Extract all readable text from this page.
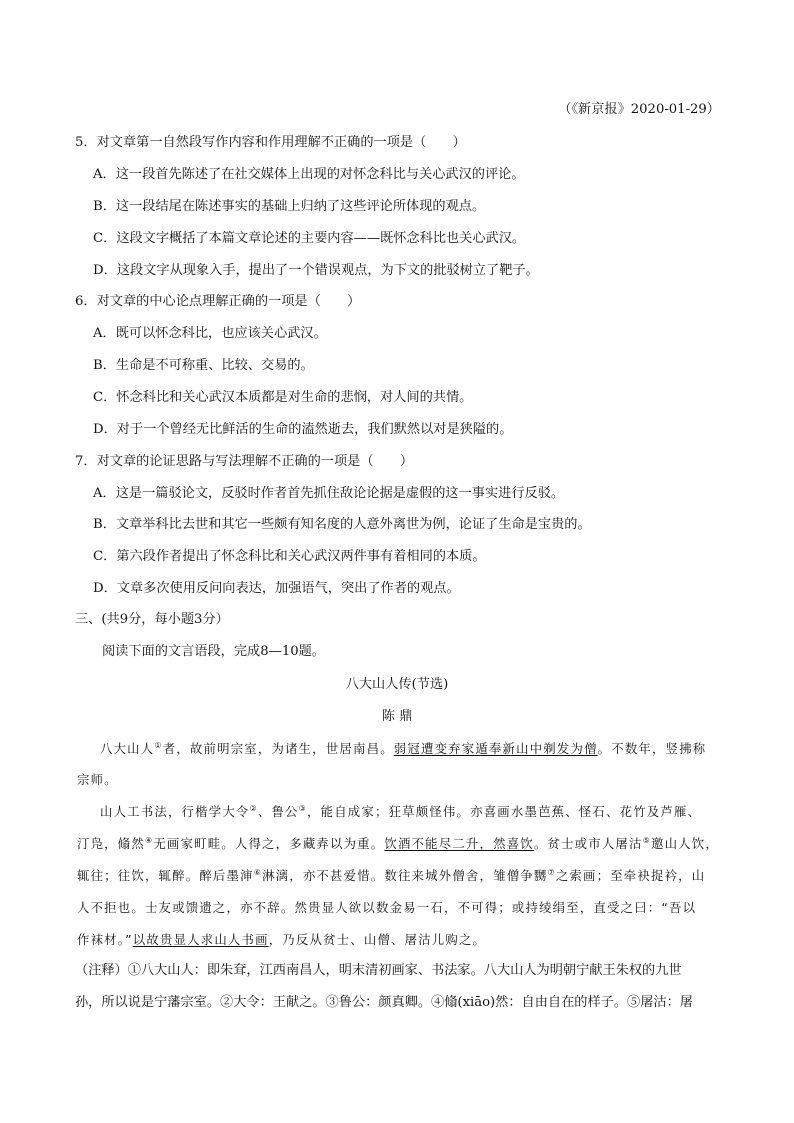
（《新京报》2020-01-29）
5．对文章第一自然段写作内容和作用理解不正确的一项是（　　）
A．这一段首先陈述了在社交媒体上出现的对怀念科比与关心武汉的评论。
B．这一段结尾在陈述事实的基础上归纳了这些评论所体现的观点。
C．这段文字概括了本篇文章论述的主要内容——既怀念科比也关心武汉。
D．这段文字从现象入手，提出了一个错误观点，为下文的批驳树立了靶子。
6．对文章的中心论点理解正确的一项是（　　）
A．既可以怀念科比，也应该关心武汉。
B．生命是不可称重、比较、交易的。
C．怀念科比和关心武汉本质都是对生命的悲悯，对人间的共情。
D．对于一个曾经无比鲜活的生命的溘然逝去，我们默然以对是狭隘的。
7．对文章的论证思路与写法理解不正确的一项是（　　）
A．这是一篇驳论文，反驳时作者首先抓住敌论论据是虚假的这一事实进行反驳。
B．文章举科比去世和其它一些颇有知名度的人意外离世为例，论证了生命是宝贵的。
C．第六段作者提出了怀念科比和关心武汉两件事有着相同的本质。
D．文章多次使用反问向表达，加强语气，突出了作者的观点。
三、(共9分，每小题3分）
阅读下面的文言语段，完成8—10题。
八大山人传(节选)
陈 鼎
八大山人①者，故前明宗室，为诸生，世居南昌。弱冠遭变弃家遁奉新山中剃发为僧。不数年，竖拂称
宗师。
山人工书法，行楷学大令②、鲁公③，能自成家；狂草颇怪伟。亦喜画水墨芭蕉、怪石、花竹及芦雁、
汀凫，翛然④无画家町畦。人得之，多藏弆以为重。饮酒不能尽二升，然喜饮。贫士或市人屠沽⑤邀山人饮，
辄往；往饮，辄醉。醉后墨渖⑥淋漓，亦不甚爱惜。数往来城外僧舍，雏僧争嬲⑦之索画；至牵袂捉衿，山
人不拒也。士友或馈遗之，亦不辞。然贵显人欲以数金易一石，不可得；或持绫绢至，直受之曰：“吾以
作袜材。”以故贵显人求山人书画，乃反从贫士、山僧、屠沽儿购之。
（注释）①八大山人：即朱耷，江西南昌人，明末清初画家、书法家。八大山人为明朝宁献王朱权的九世
孙，所以说是宁藩宗室。②大令：王献之。③鲁公：颜真卿。④翛(xiāo)然：自由自在的样子。⑤屠沽：屠
